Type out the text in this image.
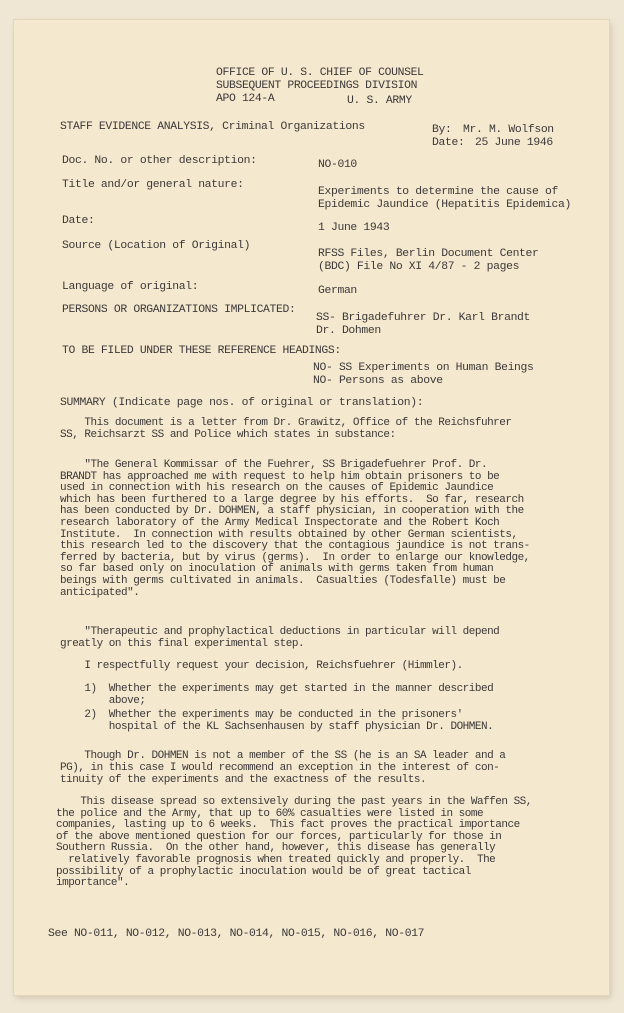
OFFICE OF U. S. CHIEF OF COUNSEL
SUBSEQUENT PROCEEDINGS DIVISION
APO 124-A	U. S. ARMY
STAFF EVIDENCE ANALYSIS, Criminal Organizations	By: Mr. M. Wolfson
Date: 25 June 1946
Doc. No. or other description:	NO-010
Title and/or general nature:
Experiments to determine the cause of
Epidemic Jaundice (Hepatitis Epidemica)
Date:
1 June 1943
Source (Location of Original)
RFSS Files, Berlin Document Center
(BDC) File No XI 4/87 - 2 pages
Language of original:	German
PERSONS OR ORGANIZATIONS IMPLICATED:
SS- Brigadefuhrer Dr. Karl Brandt
Dr. Dohmen
TO BE FILED UNDER THESE REFERENCE HEADINGS:
NO- SS Experiments on Human Beings
NO- Persons as above
SUMMARY (Indicate page nos. of original or translation):
This document is a letter from Dr. Grawitz, Office of the Reichsfuhrer
SS, Reichsarzt SS and Police which states in substance:
"The General Kommissar of the Fuehrer, SS Brigadefuehrer Prof. Dr.
BRANDT has approached me with request to help him obtain prisoners to be
used in connection with his research on the causes of Epidemic Jaundice
which has been furthered to a large degree by his efforts.  So far, research
has been conducted by Dr. DOHMEN, a staff physician, in cooperation with the
research laboratory of the Army Medical Inspectorate and the Robert Koch
Institute.  In connection with results obtained by other German scientists,
this research led to the discovery that the contagious jaundice is not trans-
ferred by bacteria, but by virus (germs).  In order to enlarge our knowledge,
so far based only on inoculation of animals with germs taken from human
beings with germs cultivated in animals.  Casualties (Todesfalle) must be
anticipated".
"Therapeutic and prophylactical deductions in particular will depend
greatly on this final experimental step.
I respectfully request your decision, Reichsfuehrer (Himmler).
1)  Whether the experiments may get started in the manner described
above;
2)  Whether the experiments may be conducted in the prisoners'
hospital of the KL Sachsenhausen by staff physician Dr. DOHMEN.
Though Dr. DOHMEN is not a member of the SS (he is an SA leader and a
PG), in this case I would recommend an exception in the interest of con-
tinuity of the experiments and the exactness of the results.
This disease spread so extensively during the past years in the Waffen SS,
the police and the Army, that up to 60% casualties were listed in some
companies, lasting up to 6 weeks.  This fact proves the practical importance
of the above mentioned question for our forces, particularly for those in
Southern Russia.  On the other hand, however, this disease has generally
relatively favorable prognosis when treated quickly and properly.  The
possibility of a prophylactic inoculation would be of great tactical
importance".
See NO-011, NO-012, NO-013, NO-014, NO-015, NO-016, NO-017
